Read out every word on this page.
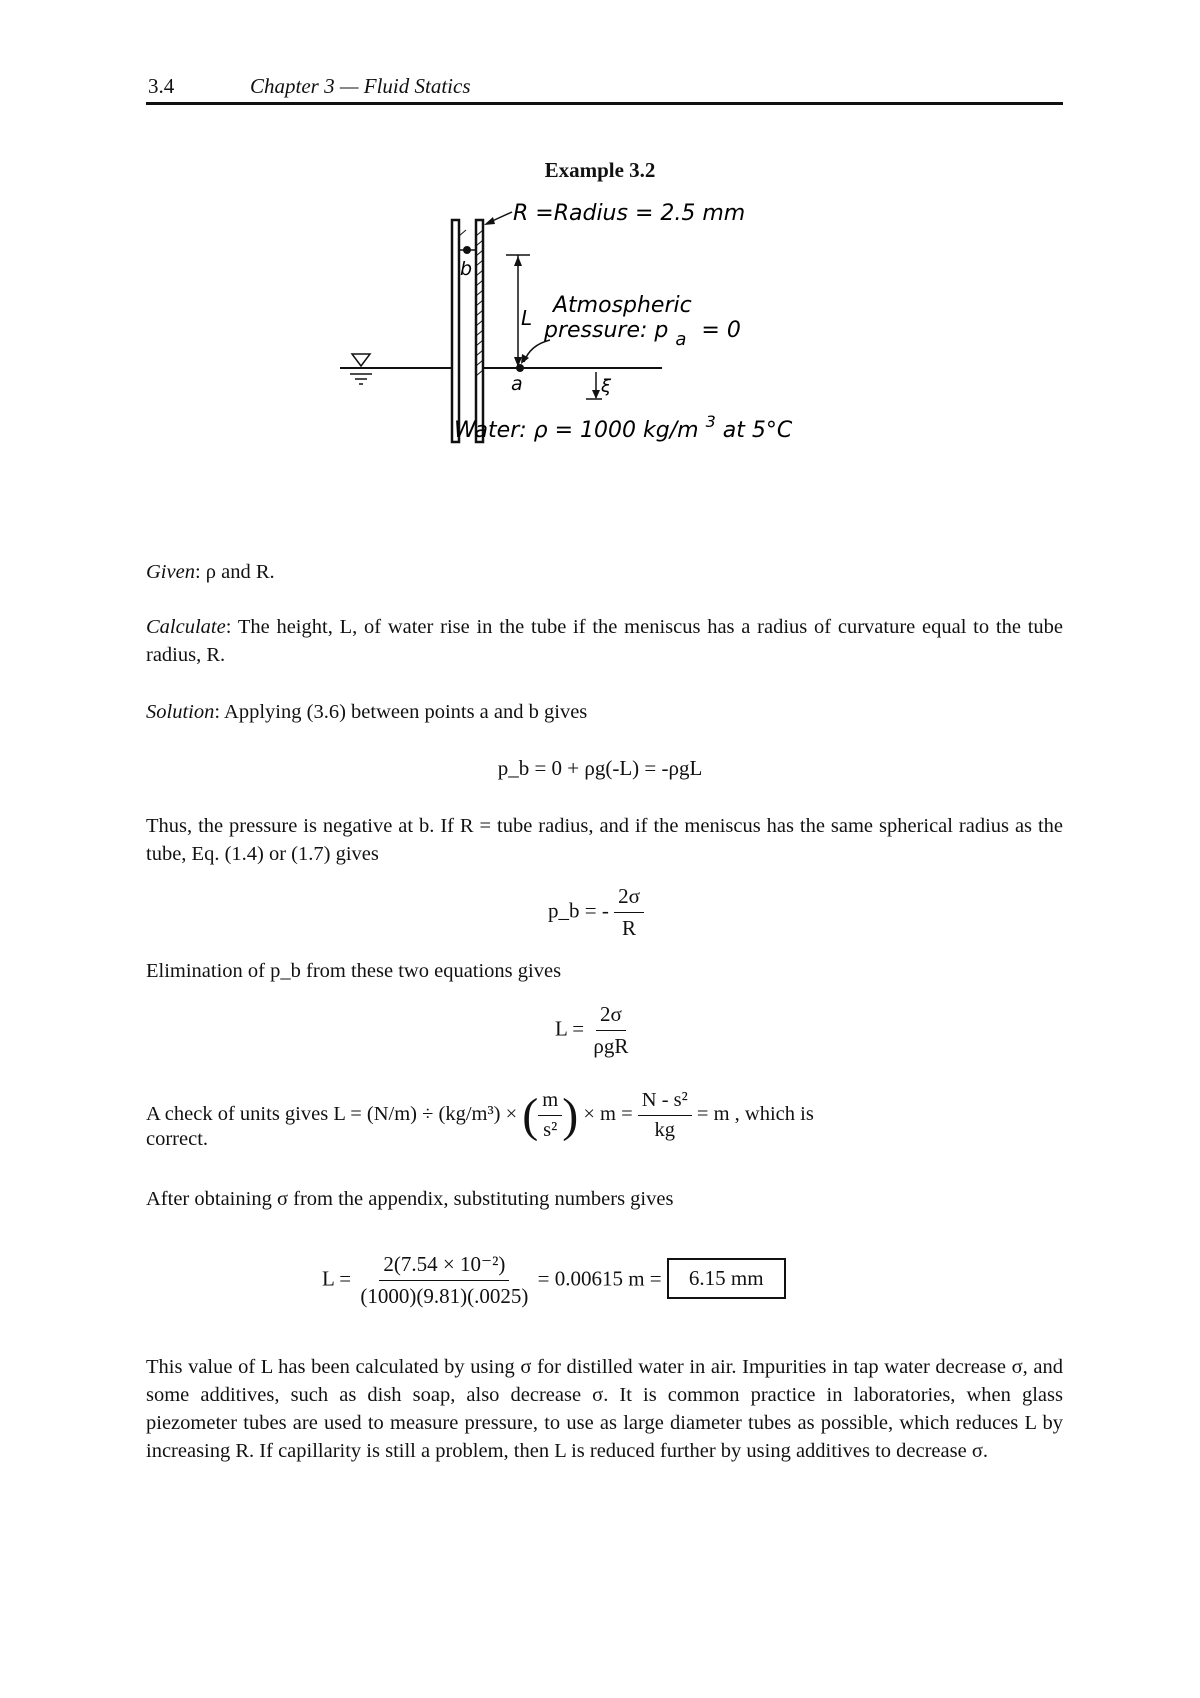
3.4	Chapter 3 — Fluid Statics
Example 3.2
b
R =Radius = 2.5 mm
L
a
Atmospheric
pressure: p $_a$ = 0
ξ
Water: ρ = 1000 kg/m $^3$ at 5°C
Given: ρ and R.
Calculate: The height, L, of water rise in the tube if the meniscus has a radius of curvature equal to the tube radius, R.
Solution: Applying (3.6) between points a and b gives
p_b = 0 + ρg(-L) = -ρgL
Thus, the pressure is negative at b. If R = tube radius, and if the meniscus has the same spherical radius as the tube, Eq. (1.4) or (1.7) gives
p_b = - $\frac{2\sigma}{R}$
Elimination of p_b from these two equations gives
$L = \frac{2\sigma}{\text{ρgR}}$
A check of units gives L = (N/m) ÷ (kg/m³) × ( $\frac{m}{\text{s²}}$ ) × $m = \frac{\text{N - s²}}{kg} = m$ , which is
correct.
After obtaining σ from the appendix, substituting numbers gives
$L = \frac{\text{2(7.54 × 10⁻²)}}{(1000)(9.81)(.0025)} = 0.00615$ m = 6.15 mm
This value of L has been calculated by using σ for distilled water in air. Impurities in tap water decrease σ, and some additives, such as dish soap, also decrease σ. It is common practice in laboratories, when glass piezometer tubes are used to measure pressure, to use as large diameter tubes as possible, which reduces L by increasing R. If capillarity is still a problem, then L is reduced further by using additives to decrease σ.
